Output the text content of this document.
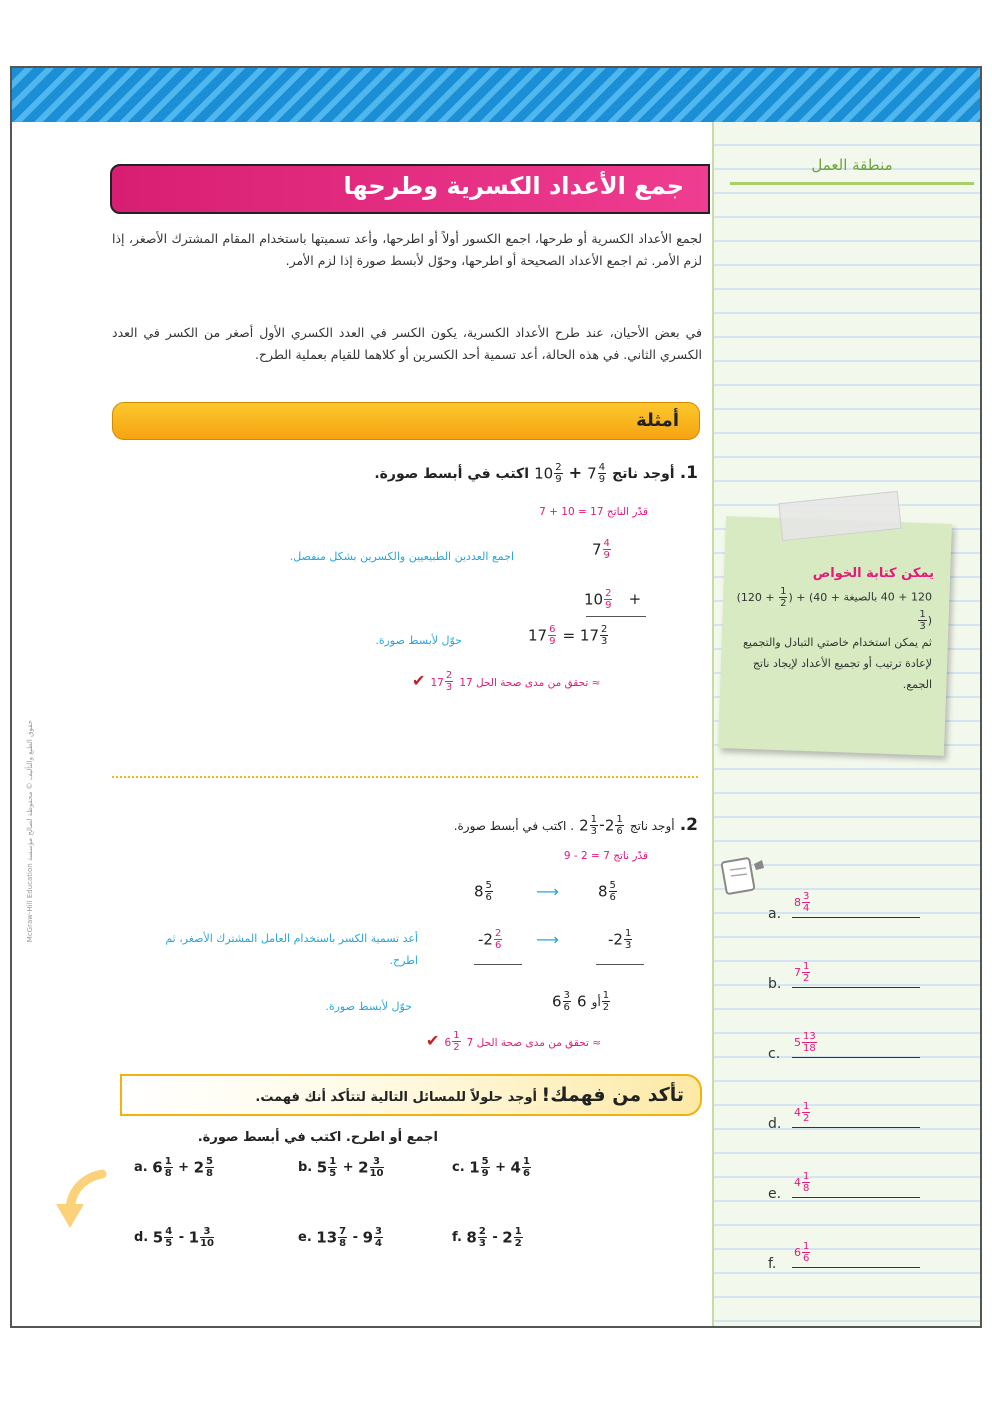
منطقة العمل
جمع الأعداد الكسرية وطرحها
لجمع الأعداد الكسرية أو طرحها، اجمع الكسور أولاً أو اطرحها، وأعد تسميتها باستخدام المقام المشترك الأصغر، إذا لزم الأمر. ثم اجمع الأعداد الصحيحة أو اطرحها، وحوّل لأبسط صورة إذا لزم الأمر.
في بعض الأحيان، عند طرح الأعداد الكسرية، يكون الكسر في العدد الكسري الأول أصغر من الكسر في العدد الكسري الثاني. في هذه الحالة، أعد تسمية أحد الكسرين أو كلاهما للقيام بعملية الطرح.
أمثلة
1. أوجد ناتج $10 \frac{2}{9} + 7 \frac{4}{9}$
اكتب في أبسط صورة.
قدّر الناتج 17 = 10 + 7
$7 \frac{4}{9}$
اجمع العددين الطبيعيين والكسرين بشكل منفصل.
$10 \frac{2}{9}$ +
$17 \frac{6}{9} = 17 \frac{2}{3}$
حوّل لأبسط صورة.
✔ $17 \frac{2}{3}$ تحقق من مدى صحة الحل 17 ≈
2. أوجد ناتج $2 \frac{1}{3} -2 \frac{1}{6}$
. اكتب في أبسط صورة.
قدّر ناتج 7 = 2 - 9
$8 \frac{5}{6}$
⟶
$8 \frac{5}{6}$
$-2 \frac{1}{3}$
⟶
$-2 \frac{2}{6}$
أعد تسمية الكسر باستخدام العامل المشترك الأصغر، ثم اطرح.
$6 \frac{3}{6}$ أو $6 \frac{1}{2}$
حوّل لأبسط صورة.
✔ $6 \frac{1}{2}$ تحقق من مدى صحة الحل 7 ≈
تأكد من فهمك! أوجد حلولاً للمسائل التالية لتتأكد أنك فهمت.
اجمع أو اطرح. اكتب في أبسط صورة.
a. $6 \frac{1}{8} + 2 \frac{5}{8}$	b. $5 \frac{1}{5} + 2 \frac{3}{10}$	c. $1 \frac{5}{9} + 4 \frac{1}{6}$
d. $5 \frac{4}{5} - 1 \frac{3}{10}$	e. $13 \frac{7}{8} - 9 \frac{3}{4}$	f. $8 \frac{2}{3} - 2 \frac{1}{2}$
يمكن كتابة الخواص
120 + 40 بالصيغة ($120 + \frac{1}{2}$ ) + (40 +
$\frac{1}{3}$ )
ثم يمكن استخدام خاصتي التبادل والتجميع لإعادة ترتيب أو تجميع الأعداد لإيجاد ناتج الجمع.
a.
$8 \frac{3}{4}$
b.
$7 \frac{1}{2}$
c.
$5 \frac{13}{18}$
d.
$4 \frac{1}{2}$
e.
$4 \frac{1}{8}$
f.
$6 \frac{1}{6}$
حقوق الطبع والتأليف © محفوظة لصالح مؤسسة McGraw-Hill Education
